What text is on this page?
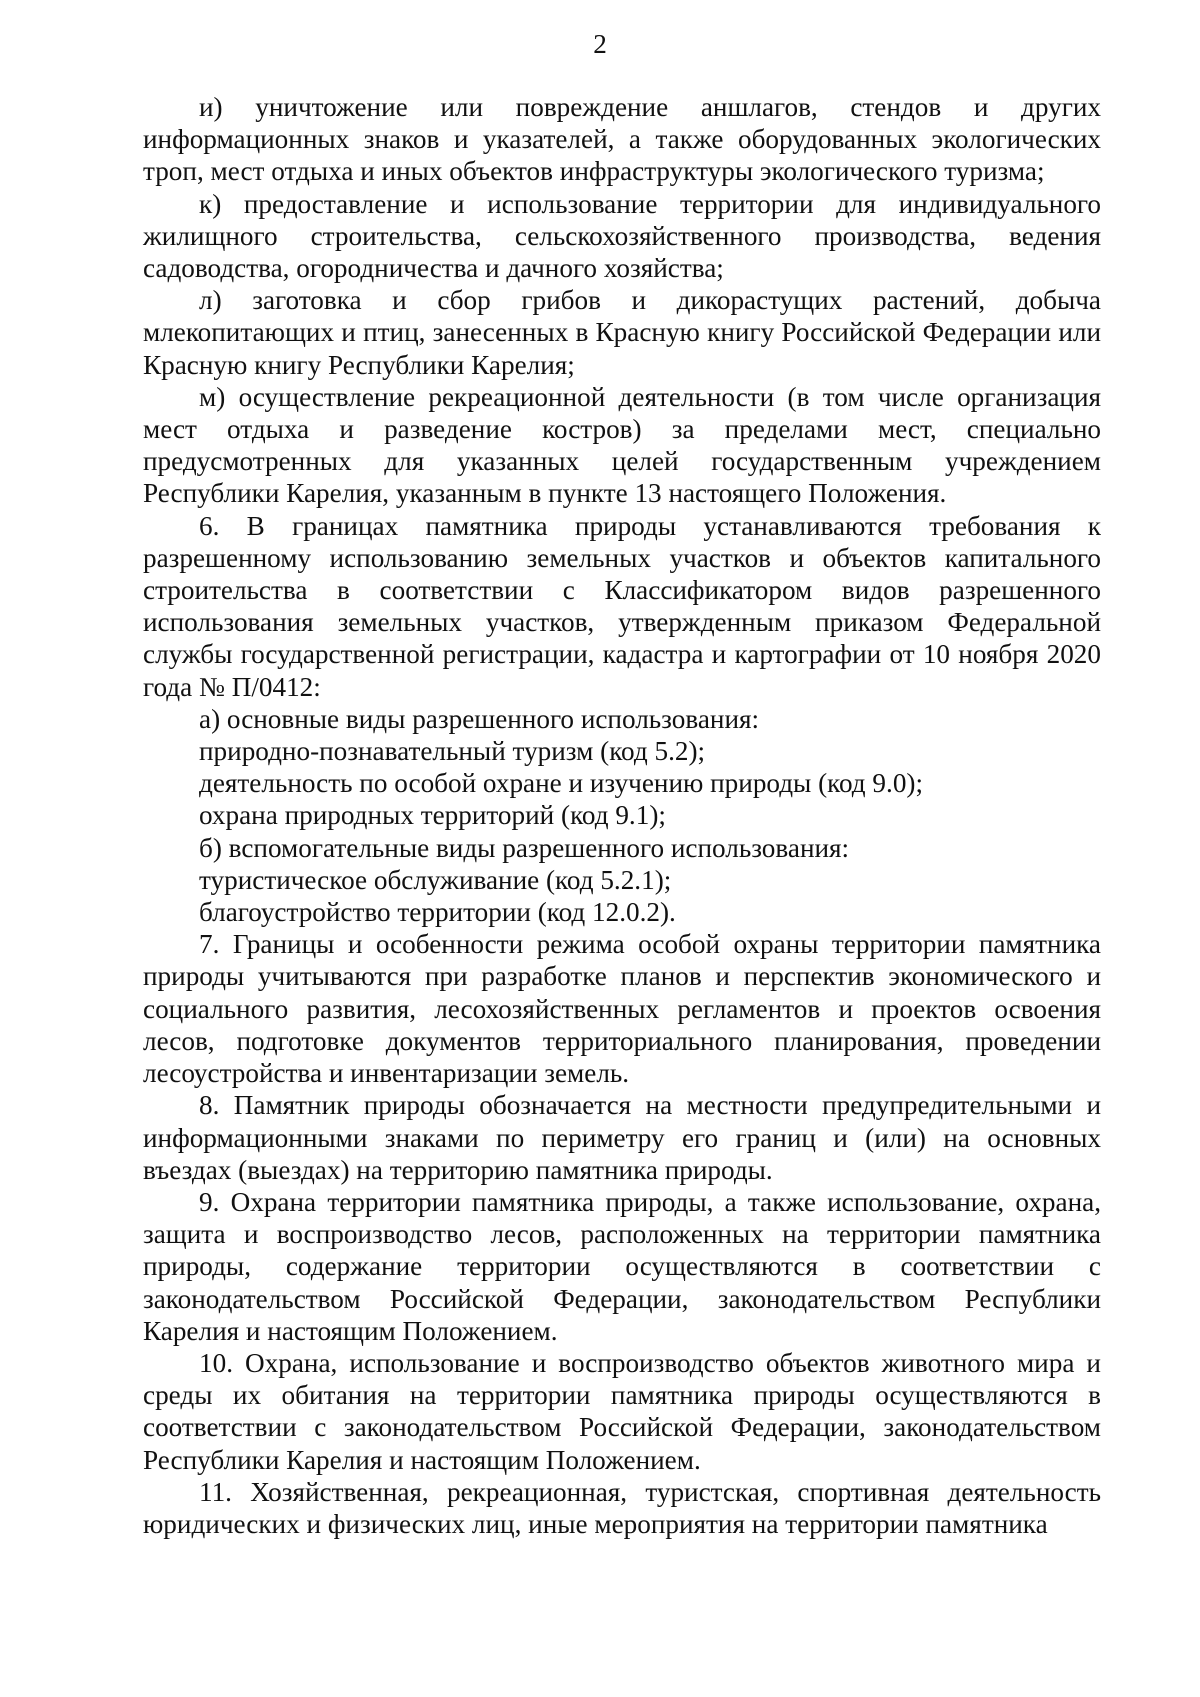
2

и) уничтожение или повреждение аншлагов, стендов и других информационных знаков и указателей, а также оборудованных экологических троп, мест отдыха и иных объектов инфраструктуры экологического туризма;

к) предоставление и использование территории для индивидуального жилищного строительства, сельскохозяйственного производства, ведения садоводства, огородничества и дачного хозяйства;

л) заготовка и сбор грибов и дикорастущих растений, добыча млекопитающих и птиц, занесенных в Красную книгу Российской Федерации или Красную книгу Республики Карелия;

м) осуществление рекреационной деятельности (в том числе организация мест отдыха и разведение костров) за пределами мест, специально предусмотренных для указанных целей государственным учреждением Республики Карелия, указанным в пункте 13 настоящего Положения.

6. В границах памятника природы устанавливаются требования к разрешенному использованию земельных участков и объектов капитального строительства в соответствии с Классификатором видов разрешенного использования земельных участков, утвержденным приказом Федеральной службы государственной регистрации, кадастра и картографии от 10 ноября 2020 года № П/0412:

а) основные виды разрешенного использования:
природно-познавательный туризм (код 5.2);
деятельность по особой охране и изучению природы (код 9.0);
охрана природных территорий (код 9.1);
б) вспомогательные виды разрешенного использования:
туристическое обслуживание (код 5.2.1);
благоустройство территории (код 12.0.2).

7. Границы и особенности режима особой охраны территории памятника природы учитываются при разработке планов и перспектив экономического и социального развития, лесохозяйственных регламентов и проектов освоения лесов, подготовке документов территориального планирования, проведении лесоустройства и инвентаризации земель.

8. Памятник природы обозначается на местности предупредительными и информационными знаками по периметру его границ и (или) на основных въездах (выездах) на территорию памятника природы.

9. Охрана территории памятника природы, а также использование, охрана, защита и воспроизводство лесов, расположенных на территории памятника природы, содержание территории осуществляются в соответствии с законодательством Российской Федерации, законодательством Республики Карелия и настоящим Положением.

10. Охрана, использование и воспроизводство объектов животного мира и среды их обитания на территории памятника природы осуществляются в соответствии с законодательством Российской Федерации, законодательством Республики Карелия и настоящим Положением.

11. Хозяйственная, рекреационная, туристская, спортивная деятельность юридических и физических лиц, иные мероприятия на территории памятника
